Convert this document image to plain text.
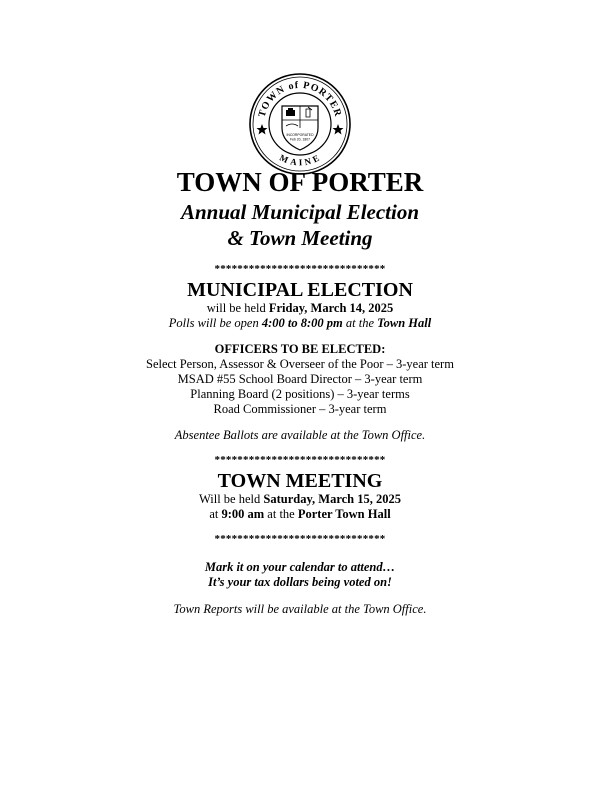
TOWN of PORTER
MAINE
INCORPORATED
Feb 20, 1807
TOWN OF PORTER
Annual Municipal Election
& Town Meeting
******************************
MUNICIPAL ELECTION
will be held Friday, March 14, 2025
Polls will be open 4:00 to 8:00 pm at the Town Hall
OFFICERS TO BE ELECTED:
Select Person, Assessor & Overseer of the Poor – 3-year term
MSAD #55 School Board Director – 3-year term
Planning Board (2 positions) – 3-year terms
Road Commissioner – 3-year term
Absentee Ballots are available at the Town Office.
******************************
TOWN MEETING
Will be held Saturday, March 15, 2025
at 9:00 am at the Porter Town Hall
******************************
Mark it on your calendar to attend…
It’s your tax dollars being voted on!
Town Reports will be available at the Town Office.
